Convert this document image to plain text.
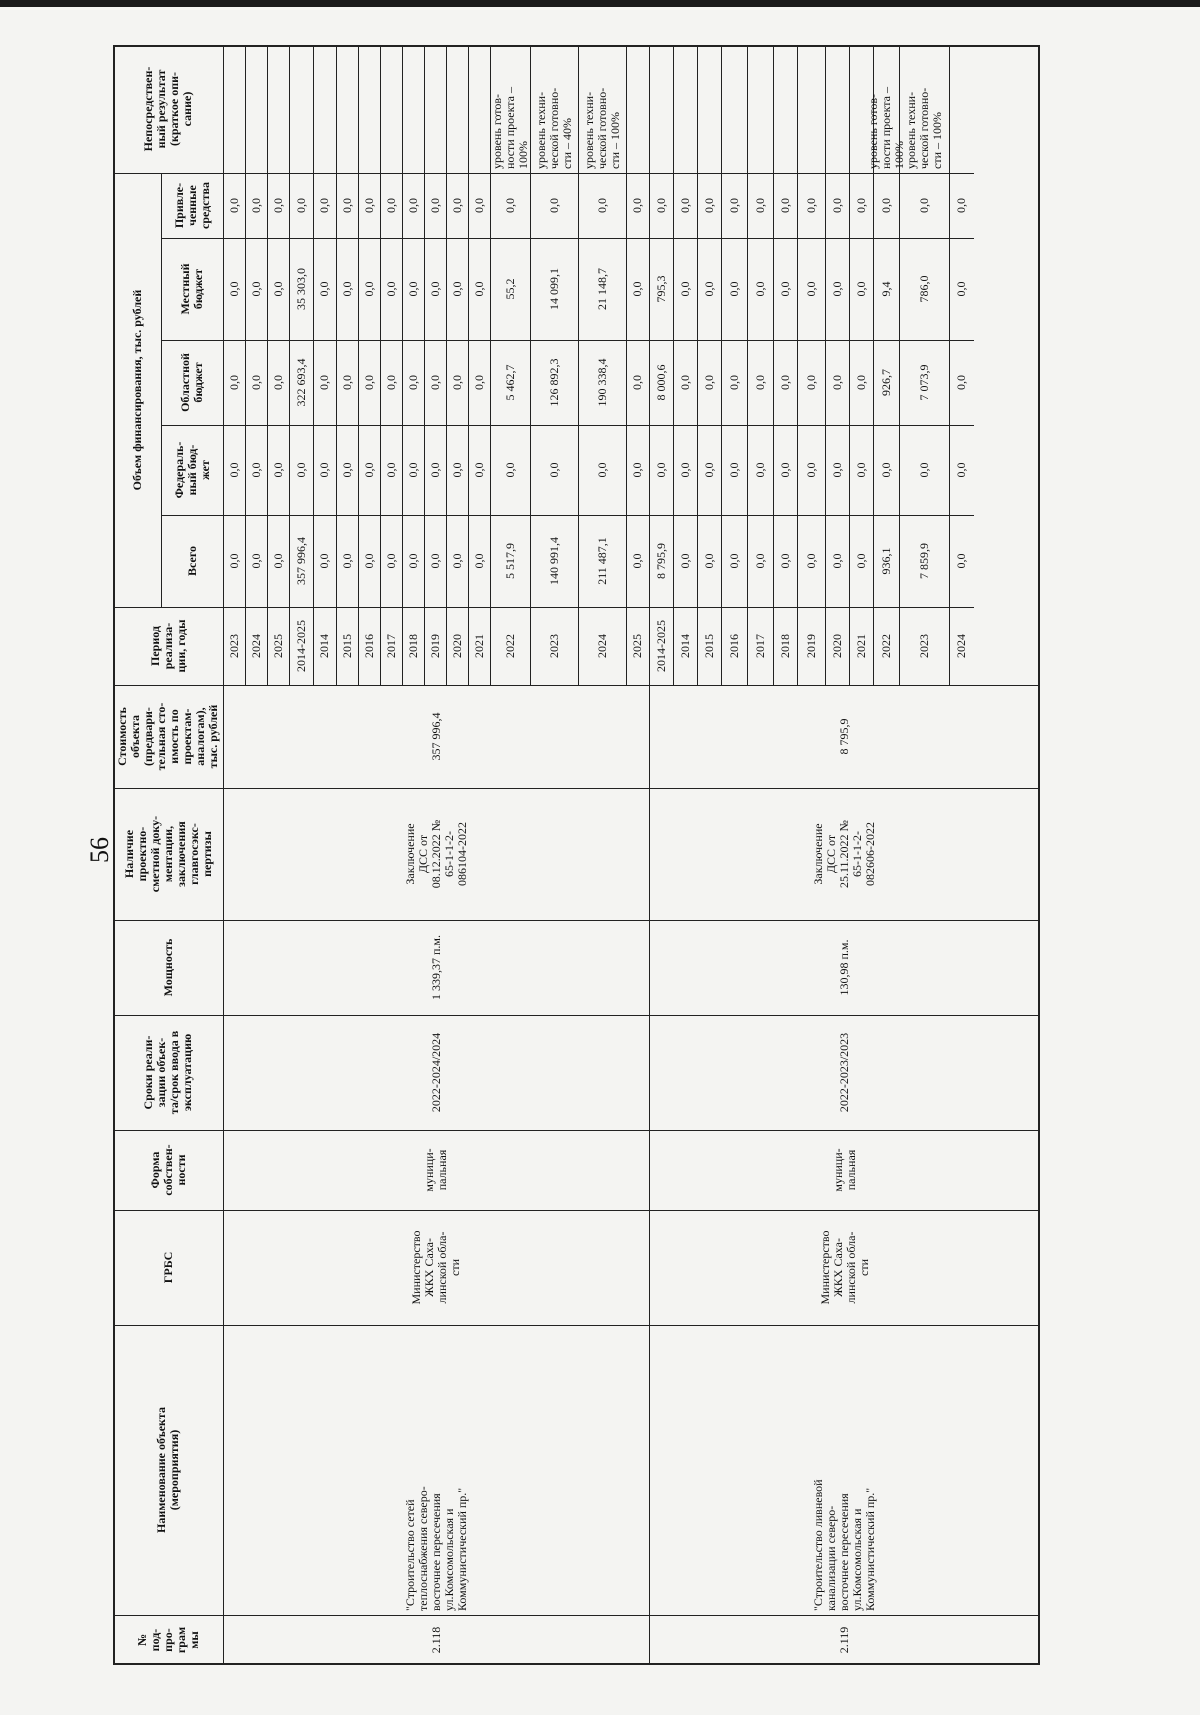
56
№
под-
про-
грам
мы
Наименование объекта
(мероприятия)
ГРБС
Форма
собствен-
ности
Сроки реали-
зации объек-
та/срок ввода в
эксплуатацию
Мощность
Наличие
проектно-
сметной доку-
ментации,
заключения
главгосэкс-
пертизы
Стоимость
объекта
(предвари-
тельная сто-
имость по
проектам-
аналогам),
тыс. рублей
Период
реализа-
ции, годы
Непосредствен-
ный результат
(краткое опи-
сание)
Объем финансирования, тыс. рублей
Привле-
ченные
средства
Местный
бюджет
Областной
бюджет
Федераль-
ный бюд-
жет
Всего
2.118
"Строительство сетей
теплоснабжения северо-
восточнее пересечения
ул.Комсомольская и
Коммунистический пр."
Министерство
ЖКХ Саха-
линской обла-
сти
муници-
пальная
2022-2024/2024
1 339,37 п.м.
Заключение
ДСС от
08.12.2022 №
65-1-1-2-
086104-2022
357 996,4
2.119
"Строительство ливневой
канализации северо-
восточнее пересечения
ул.Комсомольская и
Коммунистический пр."
Министерство
ЖКХ Саха-
линской обла-
сти
муници-
пальная
2022-2023/2023
130,98 п.м.
Заключение
ДСС от
25.11.2022 №
65-1-1-2-
082606-2022
8 795,9
2023
0,0
0,0
0,0
0,0
0,0
2024
0,0
0,0
0,0
0,0
0,0
2025
0,0
0,0
0,0
0,0
0,0
2014-2025
357 996,4
0,0
322 693,4
35 303,0
0,0
2014
0,0
0,0
0,0
0,0
0,0
2015
0,0
0,0
0,0
0,0
0,0
2016
0,0
0,0
0,0
0,0
0,0
2017
0,0
0,0
0,0
0,0
0,0
2018
0,0
0,0
0,0
0,0
0,0
2019
0,0
0,0
0,0
0,0
0,0
2020
0,0
0,0
0,0
0,0
0,0
2021
0,0
0,0
0,0
0,0
0,0
2022
5 517,9
0,0
5 462,7
55,2
0,0
уровень готов-
ности проекта –
100%
2023
140 991,4
0,0
126 892,3
14 099,1
0,0
уровень техни-
ческой готовно-
сти – 40%
2024
211 487,1
0,0
190 338,4
21 148,7
0,0
уровень техни-
ческой готовно-
сти – 100%
2025
0,0
0,0
0,0
0,0
0,0
2014-2025
8 795,9
0,0
8 000,6
795,3
0,0
2014
0,0
0,0
0,0
0,0
0,0
2015
0,0
0,0
0,0
0,0
0,0
2016
0,0
0,0
0,0
0,0
0,0
2017
0,0
0,0
0,0
0,0
0,0
2018
0,0
0,0
0,0
0,0
0,0
2019
0,0
0,0
0,0
0,0
0,0
2020
0,0
0,0
0,0
0,0
0,0
2021
0,0
0,0
0,0
0,0
0,0
2022
936,1
0,0
926,7
9,4
0,0
уровень готов-
ности проекта –
100%
2023
7 859,9
0,0
7 073,9
786,0
0,0
уровень техни-
ческой готовно-
сти – 100%
2024
0,0
0,0
0,0
0,0
0,0
